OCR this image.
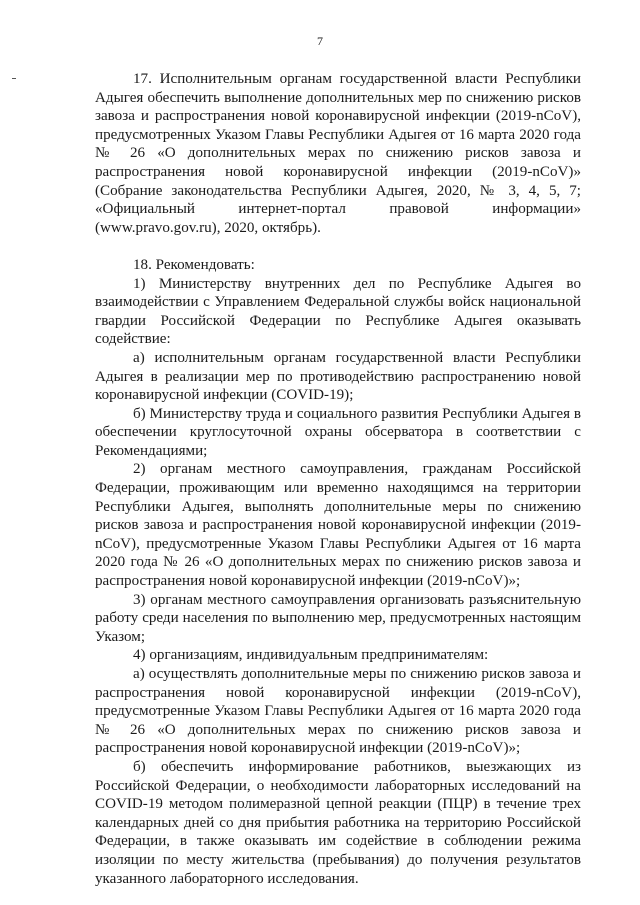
7

17. Исполнительным органам государственной власти Республики Адыгея обеспечить выполнение дополнительных мер по снижению рисков завоза и распространения новой коронавирусной инфекции (2019-nCoV), предусмотренных Указом Главы Республики Адыгея от 16 марта 2020 года № 26 «О дополнительных мерах по снижению рисков завоза и распространения новой коронавирусной инфекции (2019-nCoV)» (Собрание законодательства Республики Адыгея, 2020, № 3, 4, 5, 7; «Официальный интернет-портал правовой информации» (www.pravo.gov.ru), 2020, октябрь).

18. Рекомендовать:

1) Министерству внутренних дел по Республике Адыгея во взаимодействии с Управлением Федеральной службы войск национальной гвардии Российской Федерации по Республике Адыгея оказывать содействие:

а) исполнительным органам государственной власти Республики Адыгея в реализации мер по противодействию распространению новой коронавирусной инфекции (COVID-19);

б) Министерству труда и социального развития Республики Адыгея в обеспечении круглосуточной охраны обсерватора в соответствии с Рекомендациями;

2) органам местного самоуправления, гражданам Российской Федерации, проживающим или временно находящимся на территории Республики Адыгея, выполнять дополнительные меры по снижению рисков завоза и распространения новой коронавирусной инфекции (2019-nCoV), предусмотренные Указом Главы Республики Адыгея от 16 марта 2020 года № 26 «О дополнительных мерах по снижению рисков завоза и распространения новой коронавирусной инфекции (2019-nCoV)»;

3) органам местного самоуправления организовать разъяснительную работу среди населения по выполнению мер, предусмотренных настоящим Указом;

4) организациям, индивидуальным предпринимателям:

а) осуществлять дополнительные меры по снижению рисков завоза и распространения новой коронавирусной инфекции (2019-nCoV), предусмотренные Указом Главы Республики Адыгея от 16 марта 2020 года № 26 «О дополнительных мерах по снижению рисков завоза и распространения новой коронавирусной инфекции (2019-nCoV)»;

б) обеспечить информирование работников, выезжающих из Российской Федерации, о необходимости лабораторных исследований на COVID-19 методом полимеразной цепной реакции (ПЦР) в течение трех календарных дней со дня прибытия работника на территорию Российской Федерации, в также оказывать им содействие в соблюдении режима изоляции по месту жительства (пребывания) до получения результатов указанного лабораторного исследования.
